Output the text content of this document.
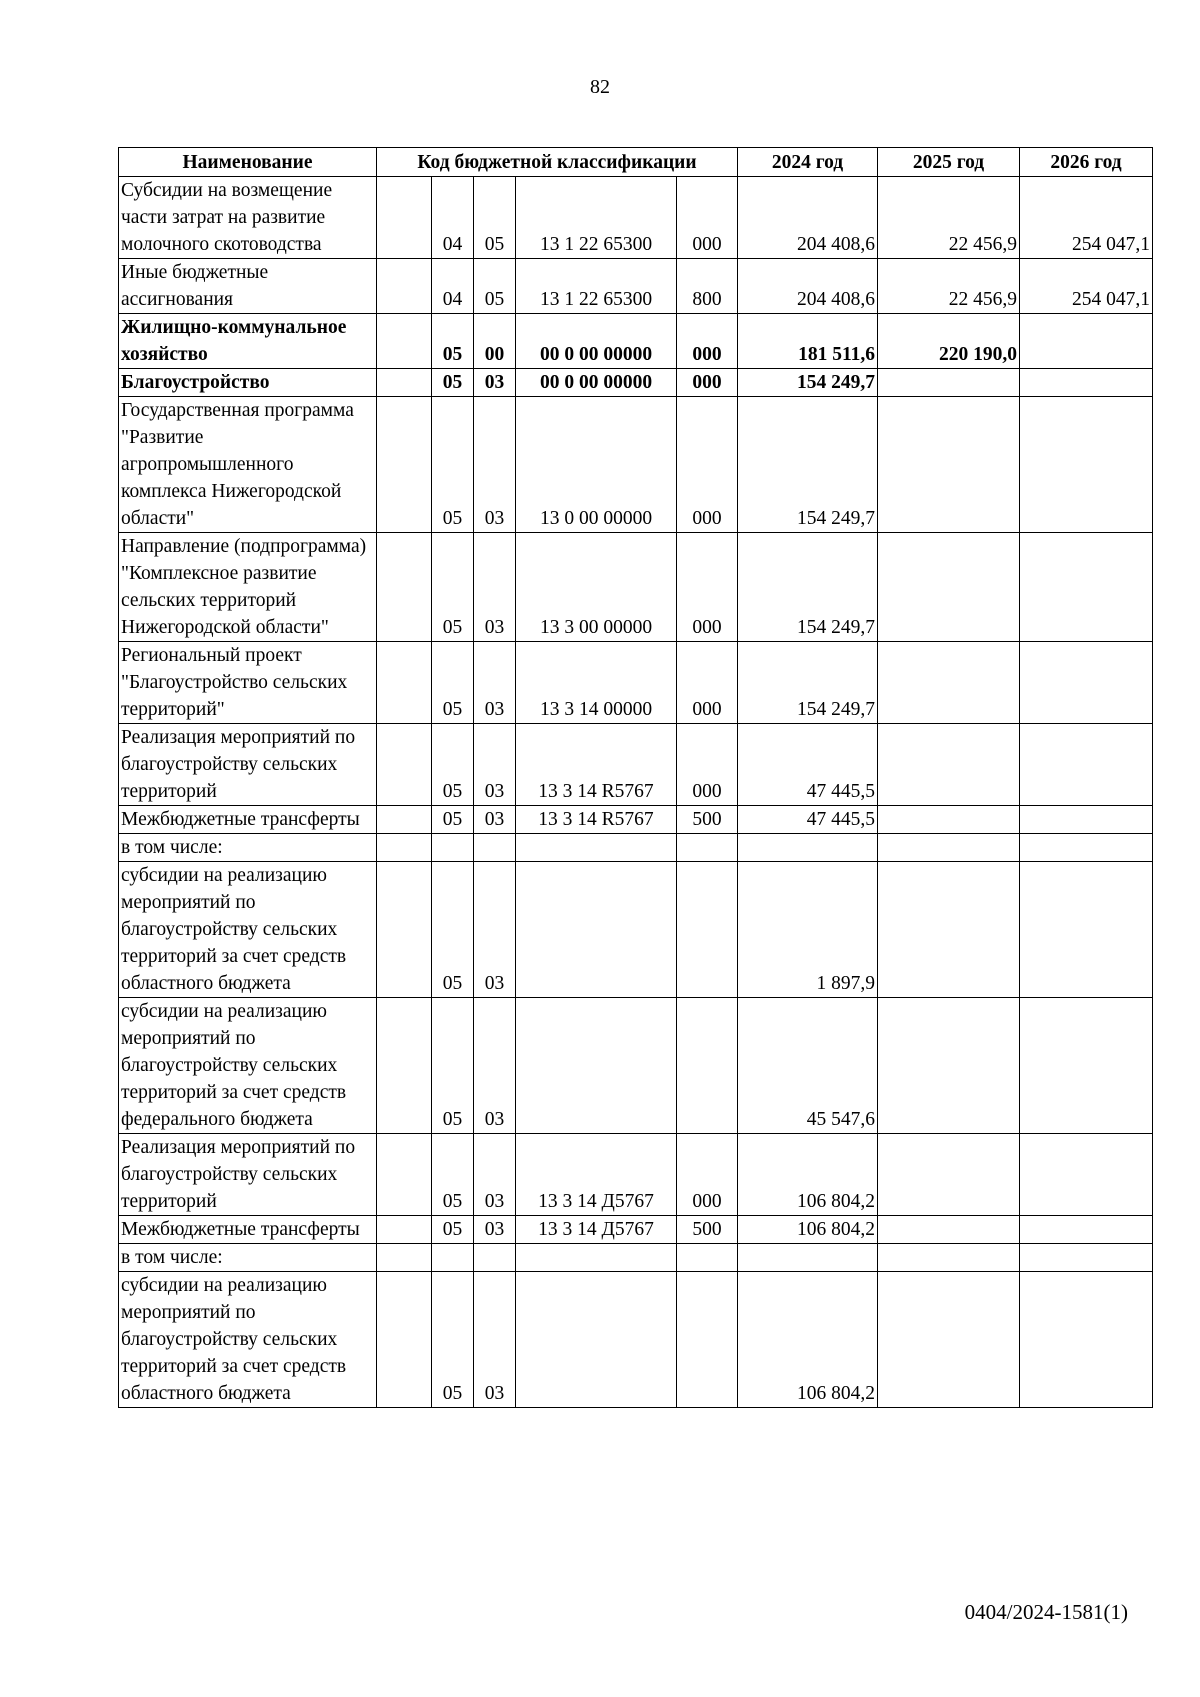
82
Наименование	Код бюджетной классификации					2024 год	2025 год	2026 год
Субсидии на возмещение части затрат на развитие молочного скотоводства		04	05	13 1 22 65300	000	204 408,6	22 456,9	254 047,1
Иные бюджетные ассигнования		04	05	13 1 22 65300	800	204 408,6	22 456,9	254 047,1
Жилищно-коммунальное хозяйство		05	00	00 0 00 00000	000	181 511,6	220 190,0	
Благоустройство		05	03	00 0 00 00000	000	154 249,7		
Государственная программа "Развитие агропромышленного комплекса Нижегородской области"		05	03	13 0 00 00000	000	154 249,7		
Направление (подпрограмма) "Комплексное развитие сельских территорий Нижегородской области"		05	03	13 3 00 00000	000	154 249,7		
Региональный проект "Благоустройство сельских территорий"		05	03	13 3 14 00000	000	154 249,7		
Реализация мероприятий по благоустройству сельских территорий		05	03	13 3 14 R5767	000	47 445,5		
Межбюджетные трансферты		05	03	13 3 14 R5767	500	47 445,5		
в том числе:								
субсидии на реализацию мероприятий по благоустройству сельских территорий за счет средств областного бюджета		05	03			1 897,9		
субсидии на реализацию мероприятий по благоустройству сельских территорий за счет средств федерального бюджета		05	03			45 547,6		
Реализация мероприятий по благоустройству сельских территорий		05	03	13 3 14 Д5767	000	106 804,2		
Межбюджетные трансферты		05	03	13 3 14 Д5767	500	106 804,2		
в том числе:								
субсидии на реализацию мероприятий по благоустройству сельских территорий за счет средств областного бюджета		05	03			106 804,2		
0404/2024-1581(1)
